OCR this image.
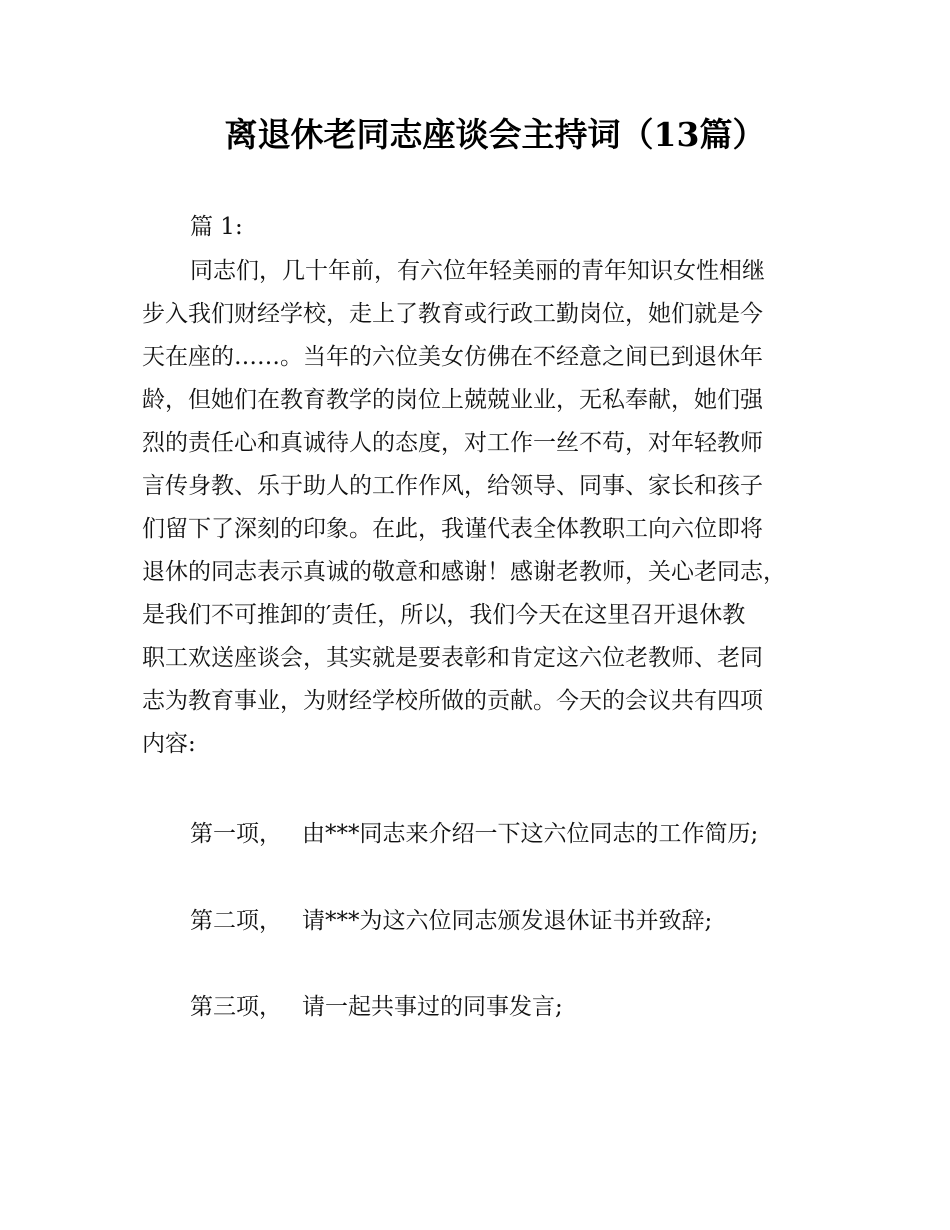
离退休老同志座谈会主持词（13篇）
篇 1:
同志们，几十年前，有六位年轻美丽的青年知识女性相继
步入我们财经学校，走上了教育或行政工勤岗位，她们就是今
天在座的……。当年的六位美女仿佛在不经意之间已到退休年
龄，但她们在教育教学的岗位上兢兢业业，无私奉献，她们强
烈的责任心和真诚待人的态度，对工作一丝不苟，对年轻教师
言传身教、乐于助人的工作作风，给领导、同事、家长和孩子
们留下了深刻的印象。在此，我谨代表全体教职工向六位即将
退休的同志表示真诚的敬意和感谢！感谢老教师，关心老同志，
是我们不可推卸的′责任，所以，我们今天在这里召开退休教
职工欢送座谈会，其实就是要表彰和肯定这六位老教师、老同
志为教育事业，为财经学校所做的贡献。今天的会议共有四项
内容:
第一项， 由***同志来介绍一下这六位同志的工作简历;
第二项， 请***为这六位同志颁发退休证书并致辞;
第三项， 请一起共事过的同事发言;
